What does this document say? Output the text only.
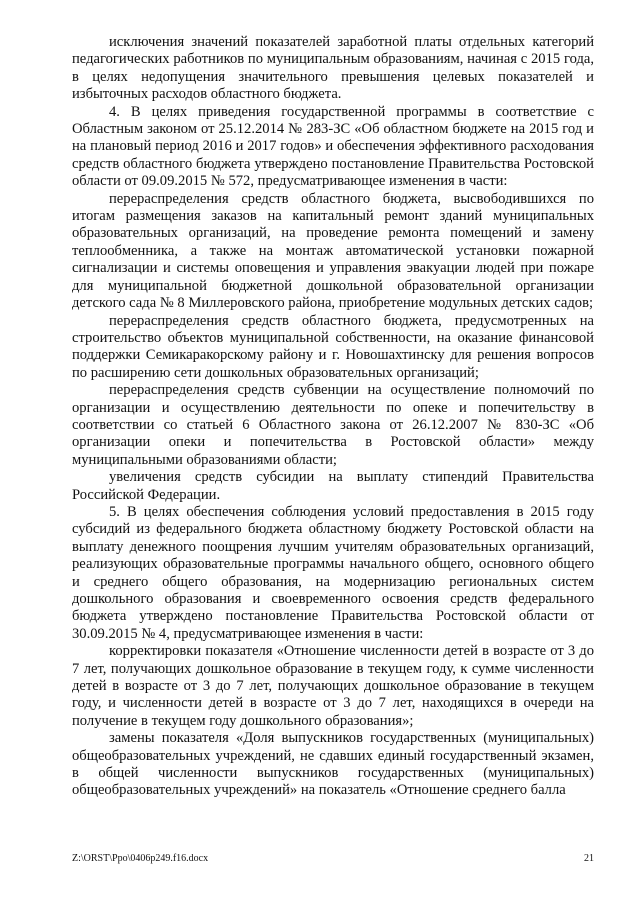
исключения значений показателей заработной платы отдельных категорий педагогических работников по муниципальным образованиям, начиная с 2015 года, в целях недопущения значительного превышения целевых показателей и избыточных расходов областного бюджета.

4. В целях приведения государственной программы в соответствие с Областным законом от 25.12.2014 № 283-ЗС «Об областном бюджете на 2015 год и на плановый период 2016 и 2017 годов» и обеспечения эффективного расходования средств областного бюджета утверждено постановление Правительства Ростовской области от 09.09.2015 № 572, предусматривающее изменения в части:

перераспределения средств областного бюджета, высвободившихся по итогам размещения заказов на капитальный ремонт зданий муниципальных образовательных организаций, на проведение ремонта помещений и замену теплообменника, а также на монтаж автоматической установки пожарной сигнализации и системы оповещения и управления эвакуации людей при пожаре для муниципальной бюджетной дошкольной образовательной организации детского сада № 8 Миллеровского района, приобретение модульных детских садов;

перераспределения средств областного бюджета, предусмотренных на строительство объектов муниципальной собственности, на оказание финансовой поддержки Семикаракорскому району и г. Новошахтинску для решения вопросов по расширению сети дошкольных образовательных организаций;

перераспределения средств субвенции на осуществление полномочий по организации и осуществлению деятельности по опеке и попечительству в соответствии со статьей 6 Областного закона от 26.12.2007 № 830-ЗС «Об организации опеки и попечительства в Ростовской области» между муниципальными образованиями области;

увеличения средств субсидии на выплату стипендий Правительства Российской Федерации.

5. В целях обеспечения соблюдения условий предоставления в 2015 году субсидий из федерального бюджета областному бюджету Ростовской области на выплату денежного поощрения лучшим учителям образовательных организаций, реализующих образовательные программы начального общего, основного общего и среднего общего образования, на модернизацию региональных систем дошкольного образования и своевременного освоения средств федерального бюджета утверждено постановление Правительства Ростовской области от 30.09.2015 № 4, предусматривающее изменения в части:

корректировки показателя «Отношение численности детей в возрасте от 3 до 7 лет, получающих дошкольное образование в текущем году, к сумме численности детей в возрасте от 3 до 7 лет, получающих дошкольное образование в текущем году, и численности детей в возрасте от 3 до 7 лет, находящихся в очереди на получение в текущем году дошкольного образования»;

замены показателя «Доля выпускников государственных (муниципальных) общеобразовательных учреждений, не сдавших единый государственный экзамен, в общей численности выпускников государственных (муниципальных) общеобразовательных учреждений» на показатель «Отношение среднего балла

Z:\ORST\Ppo\0406p249.f16.docx	21
